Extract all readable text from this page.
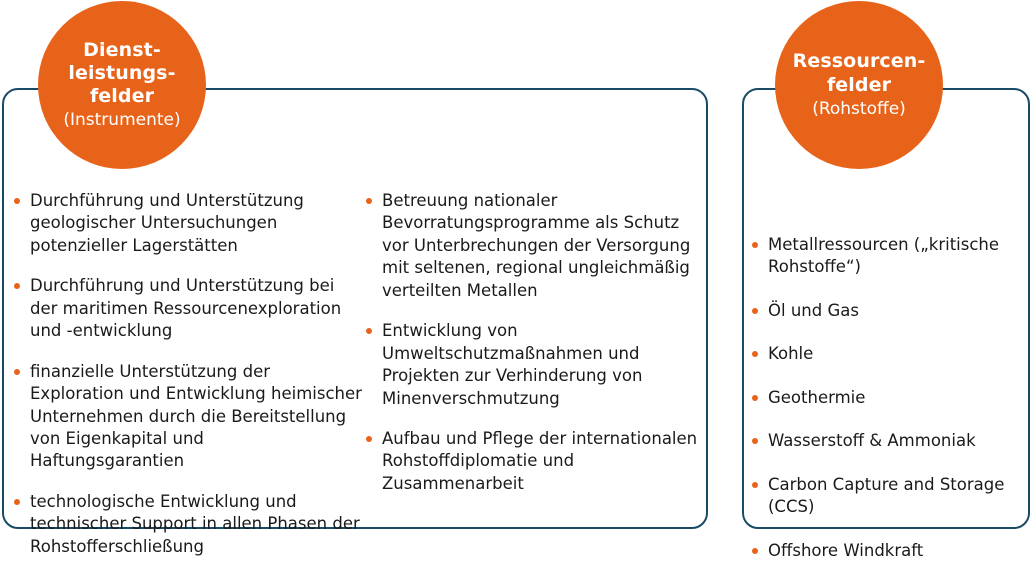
Dienst-
leistungs-
felder
(Instrumente)
Ressourcen-
felder
(Rohstoffe)
Durchführung und Unterstützung geologischer Untersuchungen potenzieller Lagerstätten
Durchführung und Unterstützung bei der maritimen Ressourcenexploration und -entwicklung
finanzielle Unterstützung der Exploration und Entwicklung heimischer Unternehmen durch die Bereitstellung von Eigenkapital und Haftungsgarantien
technologische Entwicklung und technischer Support in allen Phasen der Rohstofferschließung
Betreuung nationaler Bevorratungsprogramme als Schutz vor Unterbrechungen der Versorgung mit seltenen, regional ungleichmäßig verteilten Metallen
Entwicklung von Umweltschutzmaßnahmen und Projekten zur Verhinderung von Minenverschmutzung
Aufbau und Pflege der internationalen Rohstoffdiplomatie und Zusammenarbeit
Metallressourcen („kritische Rohstoffe“)
Öl und Gas
Kohle
Geothermie
Wasserstoff & Ammoniak
Carbon Capture and Storage (CCS)
Offshore Windkraft
